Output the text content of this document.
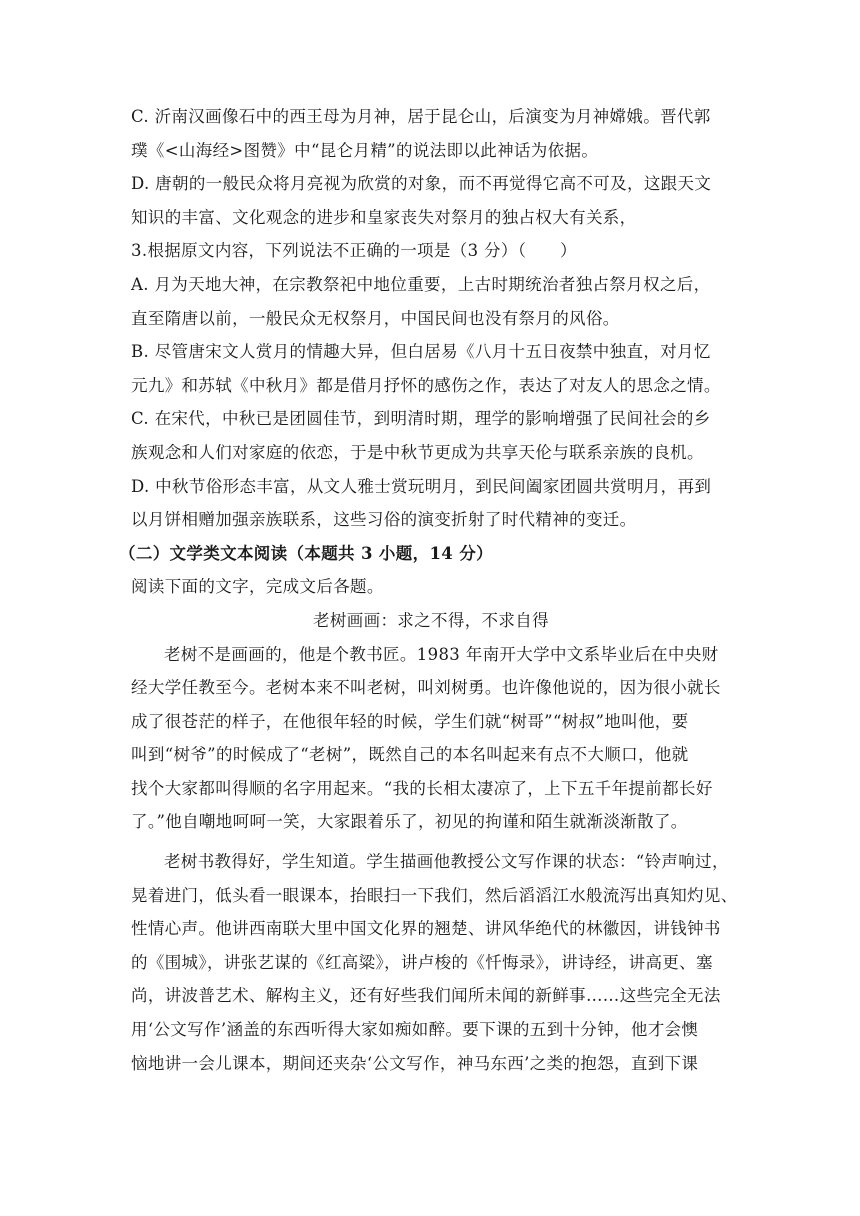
C. 沂南汉画像石中的西王母为月神，居于昆仑山，后演变为月神嫦娥。晋代郭
璞《<山海经>图赞》中“昆仑月精”的说法即以此神话为依据。
D. 唐朝的一般民众将月亮视为欣赏的对象，而不再觉得它高不可及，这跟天文
知识的丰富、文化观念的进步和皇家丧失对祭月的独占权大有关系，
3.根据原文内容，下列说法不正确的一项是（3 分）（　　）
A. 月为天地大神，在宗教祭祀中地位重要，上古时期统治者独占祭月权之后，
直至隋唐以前，一般民众无权祭月，中国民间也没有祭月的风俗。
B. 尽管唐宋文人赏月的情趣大异，但白居易《八月十五日夜禁中独直，对月忆
元九》和苏轼《中秋月》都是借月抒怀的感伤之作，表达了对友人的思念之情。
C. 在宋代，中秋已是团圆佳节，到明清时期，理学的影响增强了民间社会的乡
族观念和人们对家庭的依恋，于是中秋节更成为共享天伦与联系亲族的良机。
D. 中秋节俗形态丰富，从文人雅士赏玩明月，到民间阖家团圆共赏明月，再到
以月饼相赠加强亲族联系，这些习俗的演变折射了时代精神的变迁。
（二）文学类文本阅读（本题共 3 小题，14 分）
阅读下面的文字，完成文后各题。
老树画画：求之不得，不求自得
老树不是画画的，他是个教书匠。1983 年南开大学中文系毕业后在中央财
经大学任教至今。老树本来不叫老树，叫刘树勇。也许像他说的，因为很小就长
成了很苍茫的样子，在他很年轻的时候，学生们就“树哥”“树叔”地叫他，要
叫到“树爷”的时候成了“老树”，既然自己的本名叫起来有点不大顺口，他就
找个大家都叫得顺的名字用起来。“我的长相太凄凉了，上下五千年提前都长好
了。”他自嘲地呵呵一笑，大家跟着乐了，初见的拘谨和陌生就渐淡渐散了。
老树书教得好，学生知道。学生描画他教授公文写作课的状态：“铃声响过，
晃着进门，低头看一眼课本，抬眼扫一下我们，然后滔滔江水般流泻出真知灼见、
性情心声。他讲西南联大里中国文化界的翘楚、讲风华绝代的林徽因，讲钱钟书
的《围城》，讲张艺谋的《红高粱》，讲卢梭的《忏悔录》，讲诗经，讲高更、塞
尚，讲波普艺术、解构主义，还有好些我们闻所未闻的新鲜事……这些完全无法
用‘公文写作’涵盖的东西听得大家如痴如醉。要下课的五到十分钟，他才会懊
恼地讲一会儿课本，期间还夹杂‘公文写作，神马东西’之类的抱怨，直到下课
